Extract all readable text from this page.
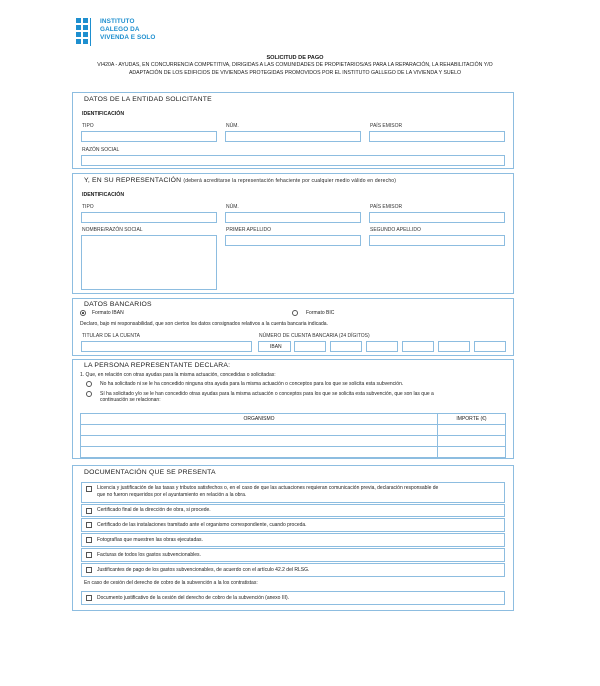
INSTITUTO
GALEGO DA
VIVENDA E SOLO
SOLICITUD DE PAGO
VI420A - AYUDAS, EN CONCURRENCIA COMPETITIVA, DIRIGIDAS A LAS COMUNIDADES DE PROPIETARIOS/AS PARA LA REPARACIÓN, LA REHABILITACIÓN Y/O
ADAPTACIÓN DE LOS EDIFICIOS DE VIVIENDAS PROTEGIDAS PROMOVIDOS POR EL INSTITUTO GALLEGO DE LA VIVIENDA Y SUELO
DATOS DE LA ENTIDAD SOLICITANTE
IDENTIFICACIÓN
TIPO	NÚM.	PAÍS EMISOR
RAZÓN SOCIAL
Y, EN SU REPRESENTACIÓN (deberá acreditarse la representación fehaciente por cualquier medio válido en derecho)
IDENTIFICACIÓN
TIPO	NÚM.	PAÍS EMISOR
NOMBRE/RAZÓN SOCIAL	PRIMER APELLIDO	SEGUNDO APELLIDO
DATOS BANCARIOS
Formato IBAN	Formato BIC
Declaro, bajo mi responsabilidad, que son ciertos los datos consignados relativos a la cuenta bancaria indicada.
TITULAR DE LA CUENTA	NÚMERO DE CUENTA BANCARIA (24 DÍGITOS)
IBAN
LA PERSONA REPRESENTANTE DECLARA:
1. Que, en relación con otras ayudas para la misma actuación, concedidas o solicitadas:
No ha solicitado ni se le ha concedido ninguna otra ayuda para la misma actuación o conceptos para los que se solicita esta subvención.
Sí ha solicitado y/o se le han concedido otras ayudas para la misma actuación o conceptos para los que se solicita esta subvención, que son las que a
continuación se relacionan:
ORGANISMO	IMPORTE (€)

DOCUMENTACIÓN QUE SE PRESENTA
Licencia y justificación de las tasas y tributos satisfechos o, en el caso de que las actuaciones requieran comunicación previa, declaración responsable de
que no fueron requeridos por el ayuntamiento en relación a la obra.
Certificado final de la dirección de obra, si procede.
Certificado de las instalaciones tramitado ante el organismo correspondiente, cuando proceda.
Fotografías que muestren las obras ejecutadas.
Facturas de todos los gastos subvencionables.
Justificantes de pago de los gastos subvencionables, de acuerdo con el artículo 42.2 del RLSG.
En caso de cesión del derecho de cobro de la subvención a la los contratistas:
Documento justificativo de la cesión del derecho de cobro de la subvención (anexo III).
